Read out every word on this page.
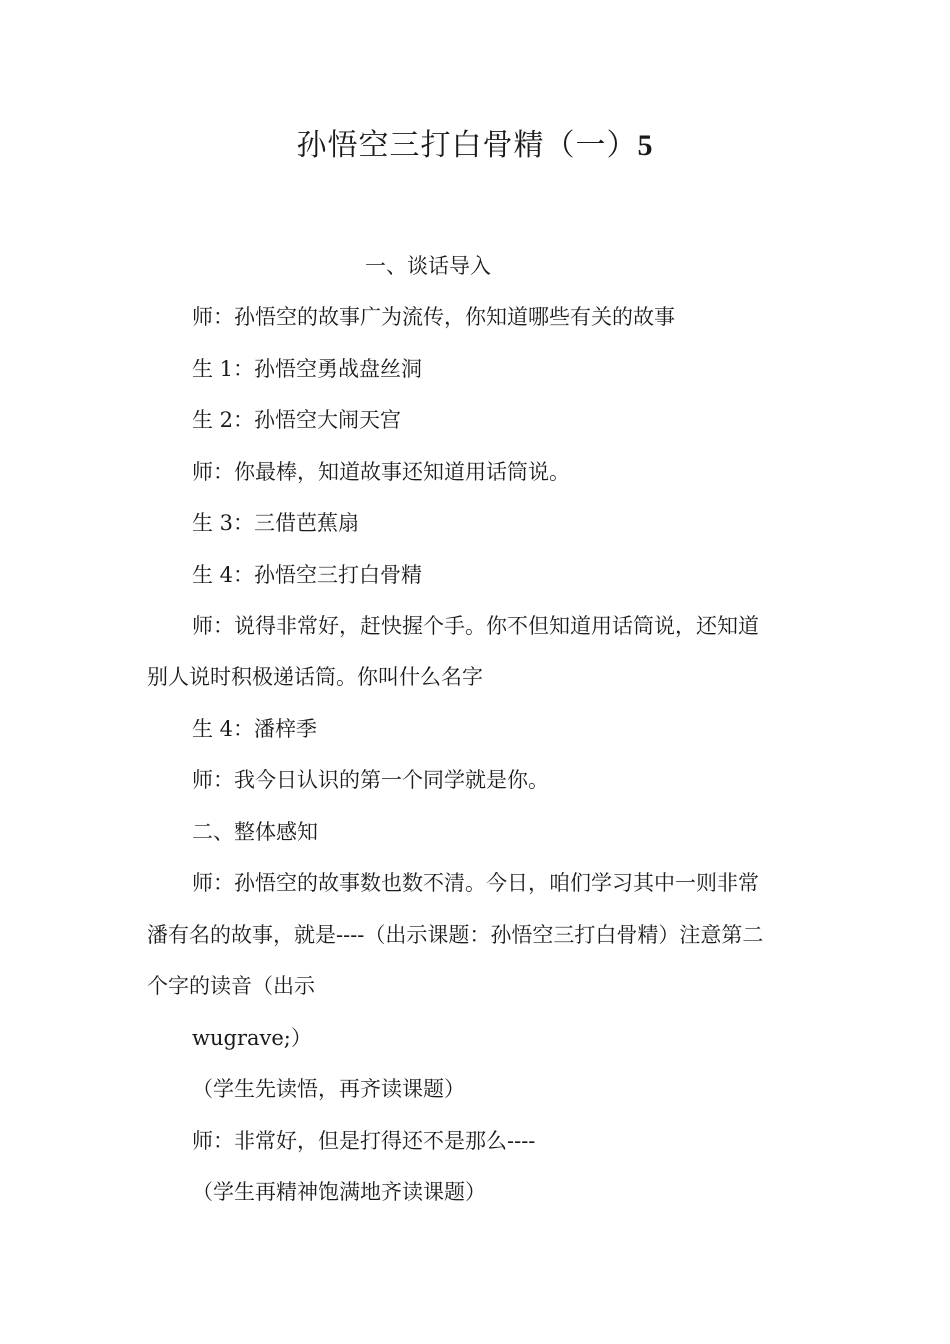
孙悟空三打白骨精（一）5
一、谈话导入
师：孙悟空的故事广为流传，你知道哪些有关的故事
生 1：孙悟空勇战盘丝洞
生 2：孙悟空大闹天宫
师：你最棒，知道故事还知道用话筒说。
生 3：三借芭蕉扇
生 4：孙悟空三打白骨精
师：说得非常好，赶快握个手。你不但知道用话筒说，还知道
别人说时积极递话筒。你叫什么名字
生 4：潘梓季
师：我今日认识的第一个同学就是你。
二、整体感知
师：孙悟空的故事数也数不清。今日，咱们学习其中一则非常
潘有名的故事，就是----（出示课题：孙悟空三打白骨精）注意第二
个字的读音（出示
wugrave;）
（学生先读悟，再齐读课题）
师：非常好，但是打得还不是那么----
（学生再精神饱满地齐读课题）
